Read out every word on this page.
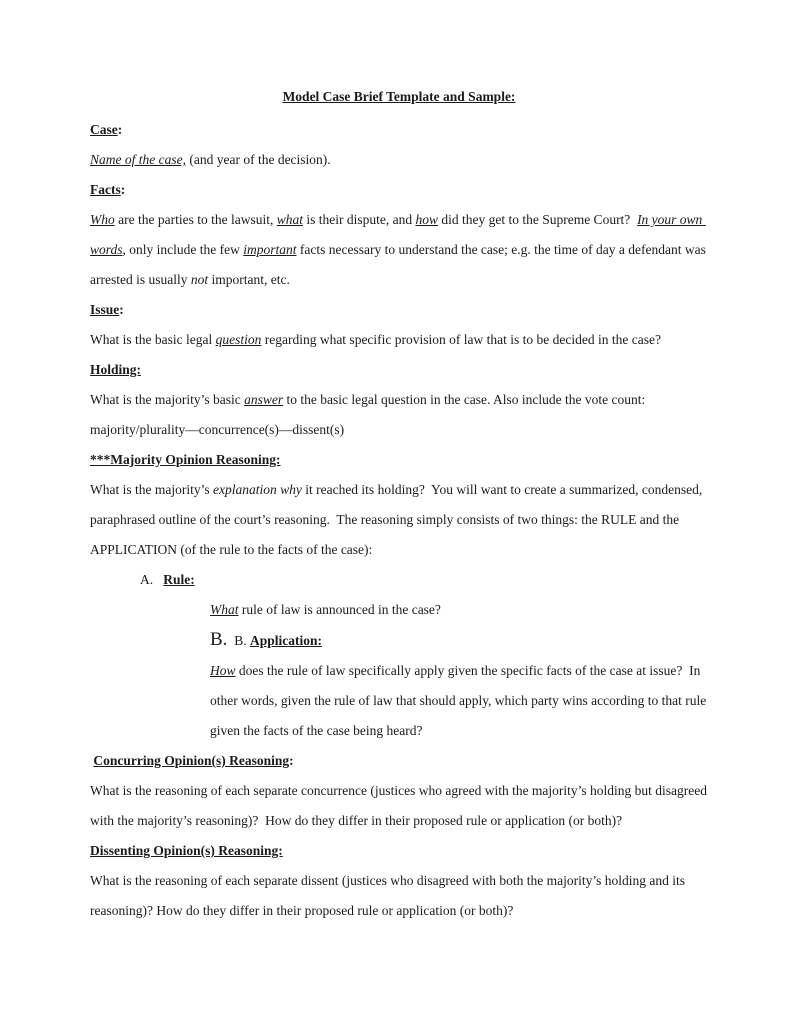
Model Case Brief Template and Sample:

Case:

Name of the case, (and year of the decision).

Facts:

Who are the parties to the lawsuit, what is their dispute, and how did they get to the Supreme Court?  In your own words, only include the few important facts necessary to understand the case; e.g. the time of day a defendant was arrested is usually not important, etc.

Issue:

What is the basic legal question regarding what specific provision of law that is to be decided in the case?

Holding:

What is the majority’s basic answer to the basic legal question in the case. Also include the vote count: majority/plurality—concurrence(s)—dissent(s)

***Majority Opinion Reasoning:

What is the majority’s explanation why it reached its holding?  You will want to create a summarized, condensed, paraphrased outline of the court’s reasoning.  The reasoning simply consists of two things: the RULE and the APPLICATION (of the rule to the facts of the case):

A.   Rule:

What rule of law is announced in the case?

B.  B. Application:

How does the rule of law specifically apply given the specific facts of the case at issue?  In other words, given the rule of law that should apply, which party wins according to that rule given the facts of the case being heard?

Concurring Opinion(s) Reasoning:

What is the reasoning of each separate concurrence (justices who agreed with the majority’s holding but disagreed with the majority’s reasoning)?  How do they differ in their proposed rule or application (or both)?

Dissenting Opinion(s) Reasoning:

What is the reasoning of each separate dissent (justices who disagreed with both the majority’s holding and its reasoning)? How do they differ in their proposed rule or application (or both)?
